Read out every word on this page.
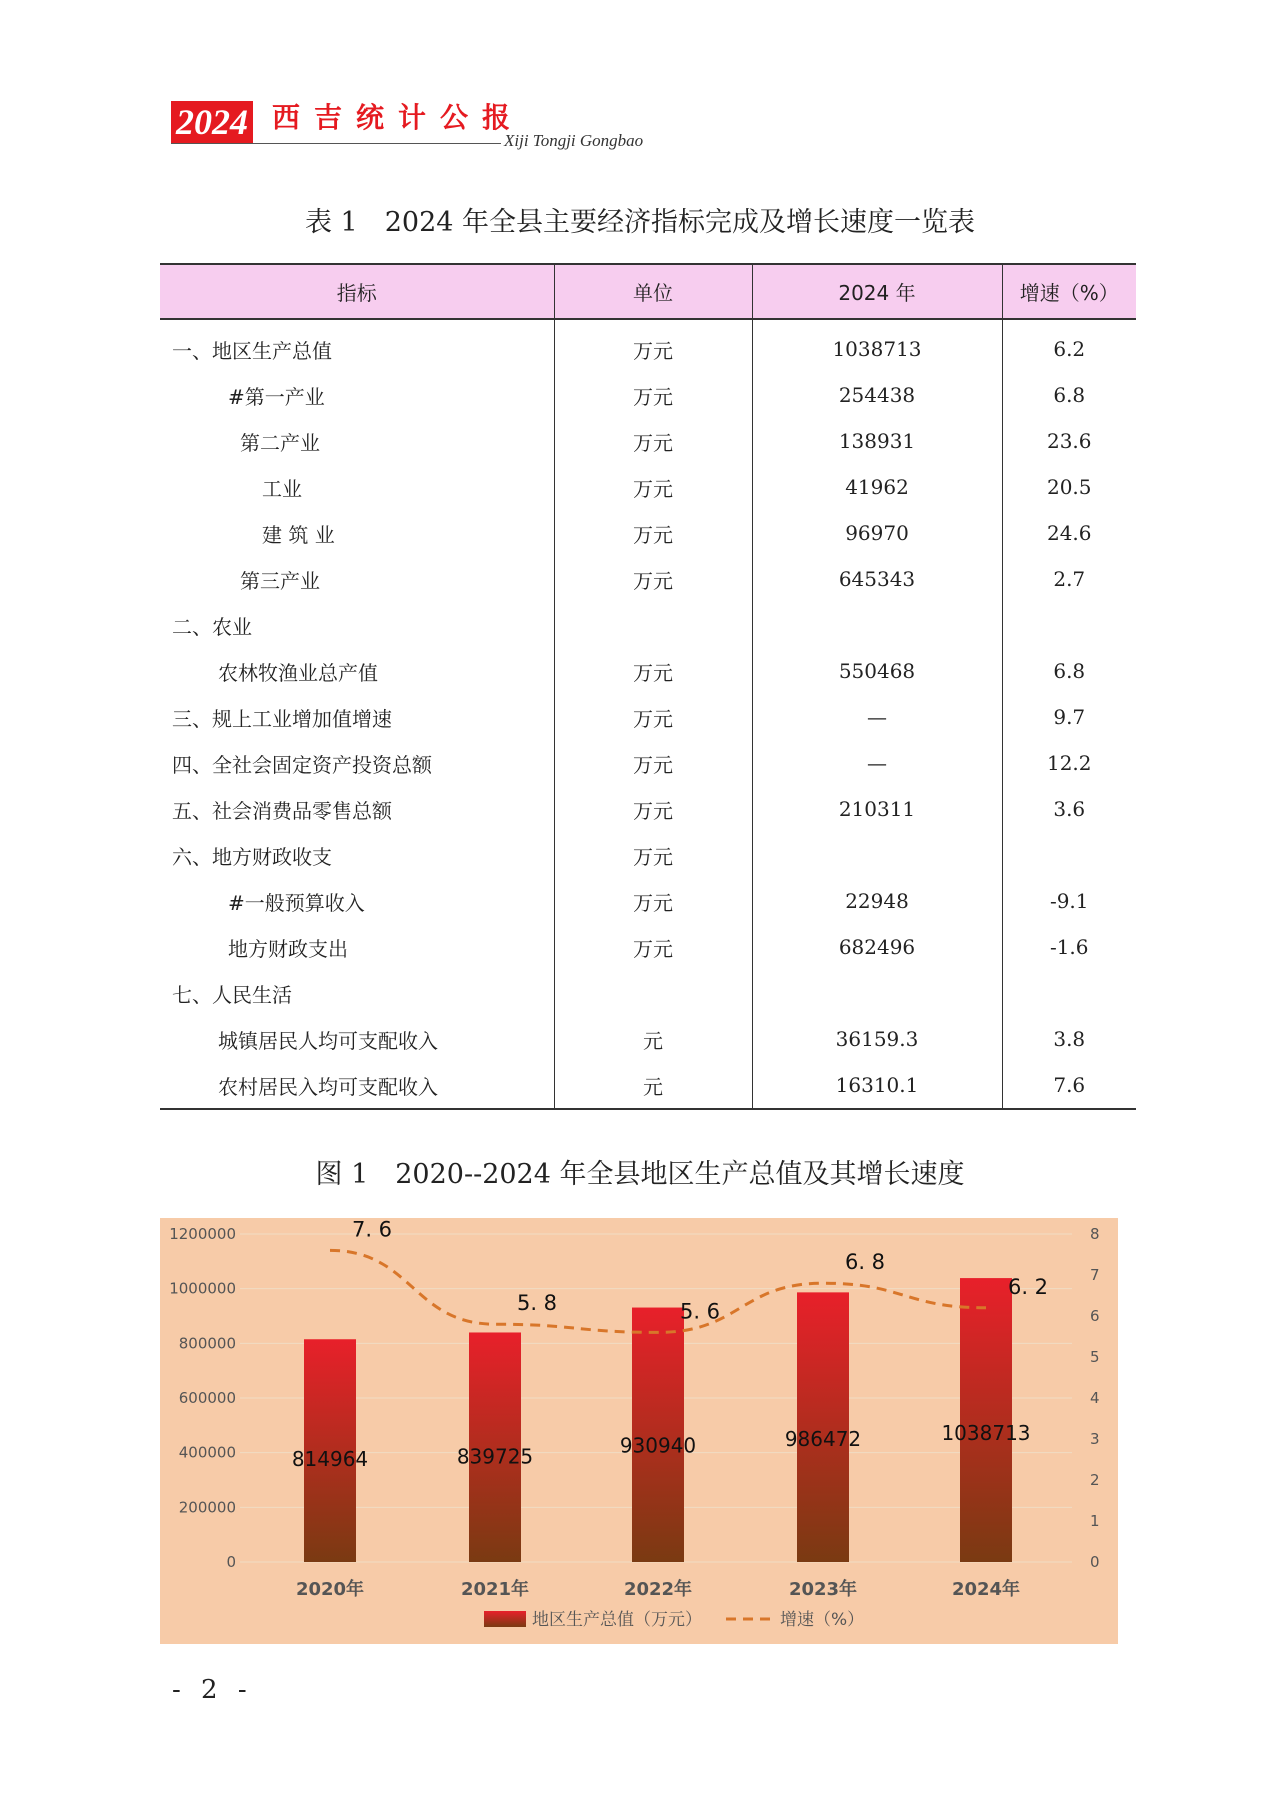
2024 西吉统计公报
Xiji Tongji Gongbao
表 1　2024 年全县主要经济指标完成及增长速度一览表
指标	单位	2024 年	增速（%）
一、地区生产总值	万元	1038713	6.2
#第一产业	万元	254438	6.8
第二产业	万元	138931	23.6
工业	万元	41962	20.5
建 筑 业	万元	96970	24.6
第三产业	万元	645343	2.7
二、农业			
农林牧渔业总产值	万元	550468	6.8
三、规上工业增加值增速	万元	—	9.7
四、全社会固定资产投资总额	万元	—	12.2
五、社会消费品零售总额	万元	210311	3.6
六、地方财政收支	万元		
#一般预算收入	万元	22948	-9.1
地方财政支出	万元	682496	-1.6
七、人民生活			
城镇居民人均可支配收入	元	36159.3	3.8
农村居民入均可支配收入	元	16310.1	7.6
图 1　2020--2024 年全县地区生产总值及其增长速度
0
200000
400000
600000
800000
1000000
1200000
0
1
2
3
4
5
6
7
8
814964	839725	930940	986472	1038713
7. 6
5. 8	5. 6
6. 8
6. 2
2020年	2021年	2022年	2023年	2024年
地区生产总值（万元）	增速（%）
- 2 -
